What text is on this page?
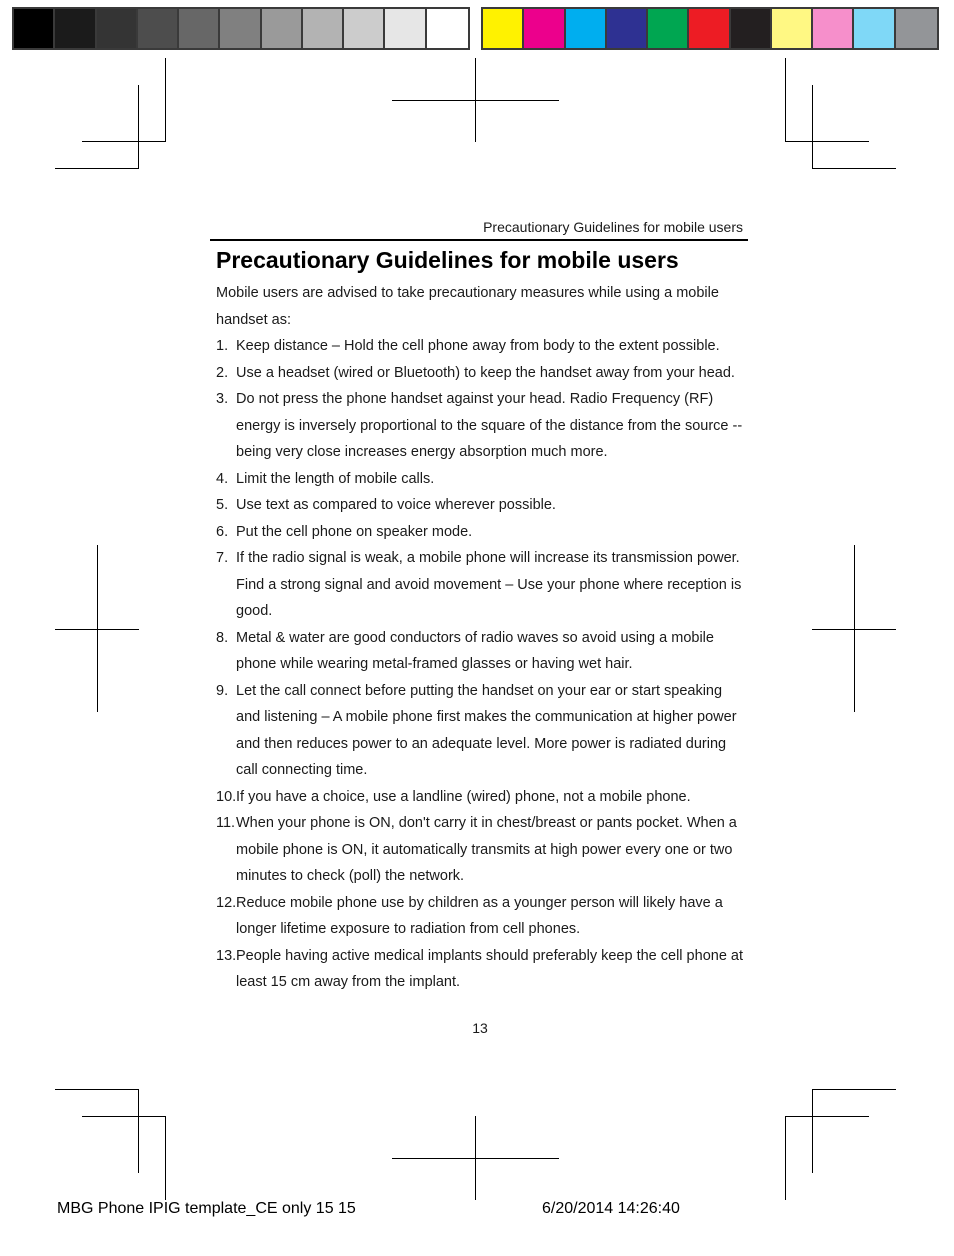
Precautionary Guidelines for mobile users
Precautionary Guidelines for mobile users

Mobile users are advised to take precautionary measures while using a mobile handset as:

1. Keep distance – Hold the cell phone away from body to the extent possible.
2. Use a headset (wired or Bluetooth) to keep the handset away from your head.
3. Do not press the phone handset against your head. Radio Frequency (RF) energy is inversely proportional to the square of the distance from the source -- being very close increases energy absorption much more.
4. Limit the length of mobile calls.
5. Use text as compared to voice wherever possible.
6. Put the cell phone on speaker mode.
7. If the radio signal is weak, a mobile phone will increase its transmission power. Find a strong signal and avoid movement – Use your phone where reception is good.
8. Metal & water are good conductors of radio waves so avoid using a mobile phone while wearing metal-framed glasses or having wet hair.
9. Let the call connect before putting the handset on your ear or start speaking and listening – A mobile phone first makes the communication at higher power and then reduces power to an adequate level. More power is radiated during call connecting time.
10. If you have a choice, use a landline (wired) phone, not a mobile phone.
11. When your phone is ON, don't carry it in chest/breast or pants pocket. When a mobile phone is ON, it automatically transmits at high power every one or two minutes to check (poll) the network.
12. Reduce mobile phone use by children as a younger person will likely have a longer lifetime exposure to radiation from cell phones.
13. People having active medical implants should preferably keep the cell phone at least 15 cm away from the implant.
13
MBG Phone IPIG template_CE only 15 15	6/20/2014 14:26:40
